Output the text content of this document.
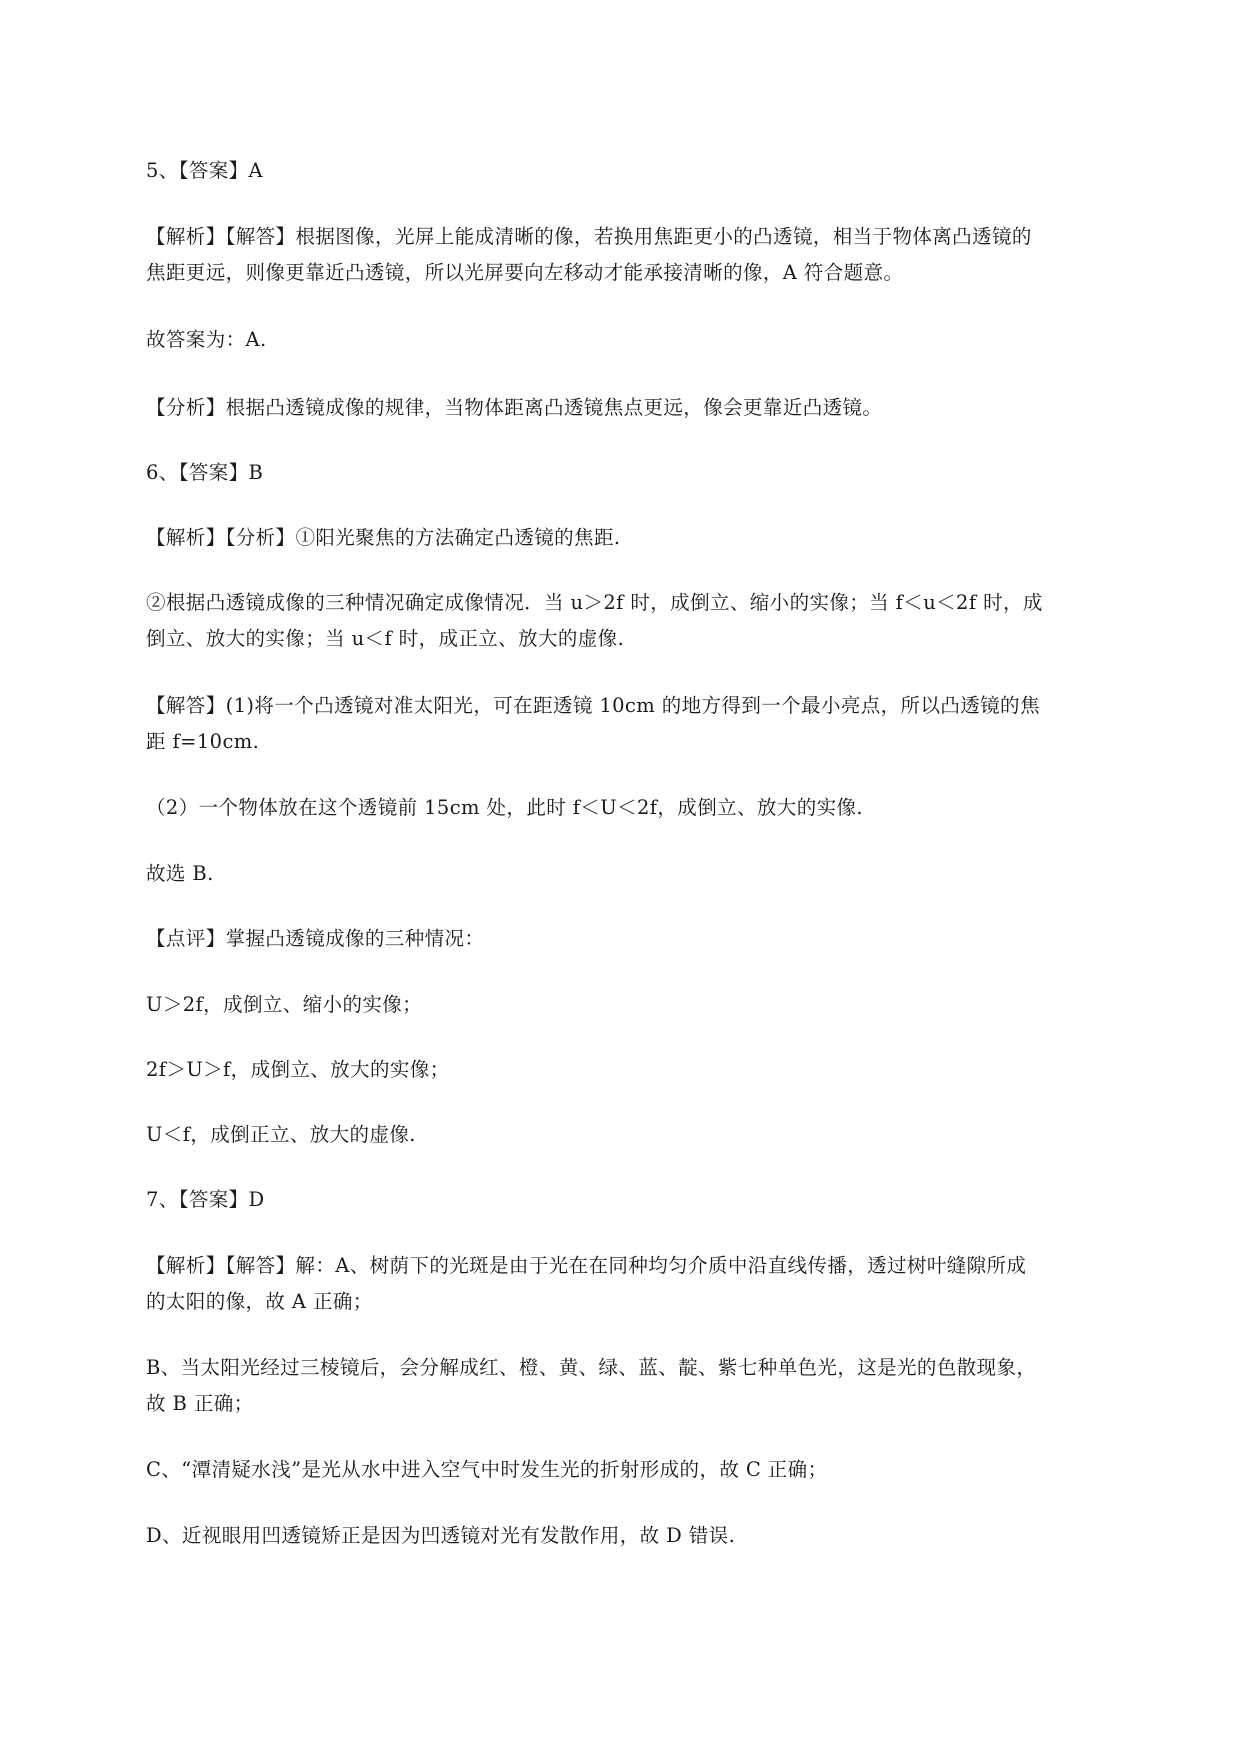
5、【答案】A
【解析】【解答】根据图像，光屏上能成清晰的像，若换用焦距更小的凸透镜，相当于物体离凸透镜的
焦距更远，则像更靠近凸透镜，所以光屏要向左移动才能承接清晰的像，A 符合题意。
故答案为：A.
【分析】根据凸透镜成像的规律，当物体距离凸透镜焦点更远，像会更靠近凸透镜。
6、【答案】B
【解析】【分析】①阳光聚焦的方法确定凸透镜的焦距.
②根据凸透镜成像的三种情况确定成像情况．当 u＞2f 时，成倒立、缩小的实像；当 f＜u＜2f 时，成
倒立、放大的实像；当 u＜f 时，成正立、放大的虚像.
【解答】(1)将一个凸透镜对准太阳光，可在距透镜 10cm 的地方得到一个最小亮点，所以凸透镜的焦
距 f=10cm.
（2）一个物体放在这个透镜前 15cm 处，此时 f＜U＜2f，成倒立、放大的实像.
故选 B.
【点评】掌握凸透镜成像的三种情况：
U＞2f，成倒立、缩小的实像；
2f＞U＞f，成倒立、放大的实像；
U＜f，成倒正立、放大的虚像.
7、【答案】D
【解析】【解答】解：A、树荫下的光斑是由于光在在同种均匀介质中沿直线传播，透过树叶缝隙所成
的太阳的像，故 A 正确；
B、当太阳光经过三棱镜后，会分解成红、橙、黄、绿、蓝、靛、紫七种单色光，这是光的色散现象，
故 B 正确；
C、“潭清疑水浅”是光从水中进入空气中时发生光的折射形成的，故 C 正确；
D、近视眼用凹透镜矫正是因为凹透镜对光有发散作用，故 D 错误.
